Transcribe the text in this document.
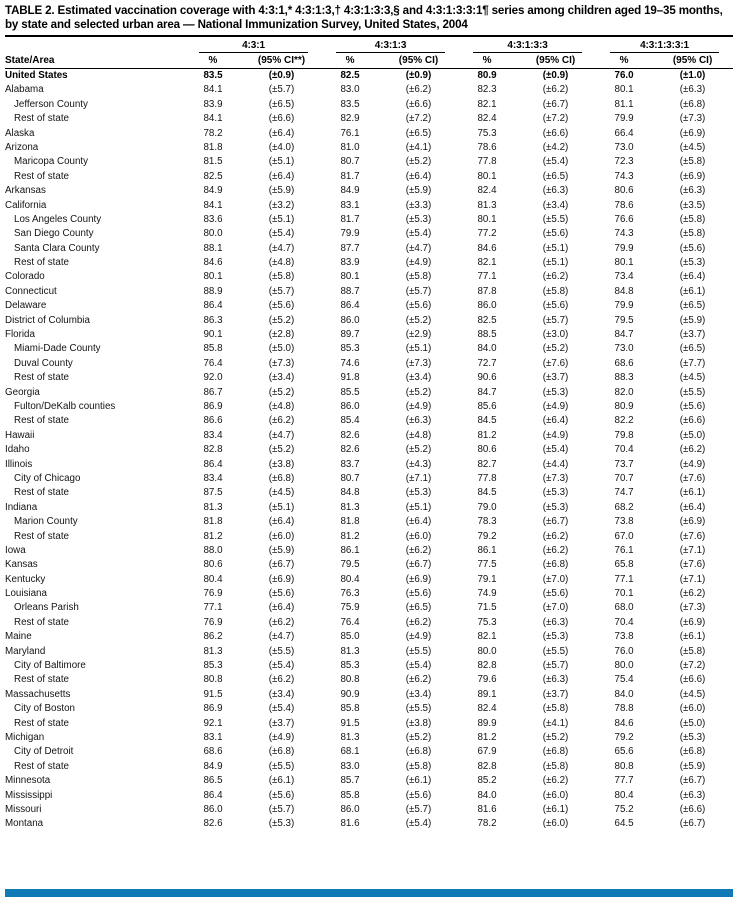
TABLE 2. Estimated vaccination coverage with 4:3:1,* 4:3:1:3,† 4:3:1:3:3,§ and 4:3:1:3:3:1¶ series among children aged 19–35 months, by state and selected urban area — National Immunization Survey, United States, 2004

	4:3:1		4:3:1:3		4:3:1:3:3		4:3:1:3:3:1	

State/Area	%	(95% CI**)	%	(95% CI)	%	(95% CI)	%	(95% CI)
United States	83.5	(±0.9)	82.5	(±0.9)	80.9	(±0.9)	76.0	(±1.0)
Alabama	84.1	(±5.7)	83.0	(±6.2)	82.3	(±6.2)	80.1	(±6.3)
Jefferson County	83.9	(±6.5)	83.5	(±6.6)	82.1	(±6.7)	81.1	(±6.8)
Rest of state	84.1	(±6.6)	82.9	(±7.2)	82.4	(±7.2)	79.9	(±7.3)
Alaska	78.2	(±6.4)	76.1	(±6.5)	75.3	(±6.6)	66.4	(±6.9)
Arizona	81.8	(±4.0)	81.0	(±4.1)	78.6	(±4.2)	73.0	(±4.5)
Maricopa County	81.5	(±5.1)	80.7	(±5.2)	77.8	(±5.4)	72.3	(±5.8)
Rest of state	82.5	(±6.4)	81.7	(±6.4)	80.1	(±6.5)	74.3	(±6.9)
Arkansas	84.9	(±5.9)	84.9	(±5.9)	82.4	(±6.3)	80.6	(±6.3)
California	84.1	(±3.2)	83.1	(±3.3)	81.3	(±3.4)	78.6	(±3.5)
Los Angeles County	83.6	(±5.1)	81.7	(±5.3)	80.1	(±5.5)	76.6	(±5.8)
San Diego County	80.0	(±5.4)	79.9	(±5.4)	77.2	(±5.6)	74.3	(±5.8)
Santa Clara County	88.1	(±4.7)	87.7	(±4.7)	84.6	(±5.1)	79.9	(±5.6)
Rest of state	84.6	(±4.8)	83.9	(±4.9)	82.1	(±5.1)	80.1	(±5.3)
Colorado	80.1	(±5.8)	80.1	(±5.8)	77.1	(±6.2)	73.4	(±6.4)
Connecticut	88.9	(±5.7)	88.7	(±5.7)	87.8	(±5.8)	84.8	(±6.1)
Delaware	86.4	(±5.6)	86.4	(±5.6)	86.0	(±5.6)	79.9	(±6.5)
District of Columbia	86.3	(±5.2)	86.0	(±5.2)	82.5	(±5.7)	79.5	(±5.9)
Florida	90.1	(±2.8)	89.7	(±2.9)	88.5	(±3.0)	84.7	(±3.7)
Miami-Dade County	85.8	(±5.0)	85.3	(±5.1)	84.0	(±5.2)	73.0	(±6.5)
Duval County	76.4	(±7.3)	74.6	(±7.3)	72.7	(±7.6)	68.6	(±7.7)
Rest of state	92.0	(±3.4)	91.8	(±3.4)	90.6	(±3.7)	88.3	(±4.5)
Georgia	86.7	(±5.2)	85.5	(±5.2)	84.7	(±5.3)	82.0	(±5.5)
Fulton/DeKalb counties	86.9	(±4.8)	86.0	(±4.9)	85.6	(±4.9)	80.9	(±5.6)
Rest of state	86.6	(±6.2)	85.4	(±6.3)	84.5	(±6.4)	82.2	(±6.6)
Hawaii	83.4	(±4.7)	82.6	(±4.8)	81.2	(±4.9)	79.8	(±5.0)
Idaho	82.8	(±5.2)	82.6	(±5.2)	80.6	(±5.4)	70.4	(±6.2)
Illinois	86.4	(±3.8)	83.7	(±4.3)	82.7	(±4.4)	73.7	(±4.9)
City of Chicago	83.4	(±6.8)	80.7	(±7.1)	77.8	(±7.3)	70.7	(±7.6)
Rest of state	87.5	(±4.5)	84.8	(±5.3)	84.5	(±5.3)	74.7	(±6.1)
Indiana	81.3	(±5.1)	81.3	(±5.1)	79.0	(±5.3)	68.2	(±6.4)
Marion County	81.8	(±6.4)	81.8	(±6.4)	78.3	(±6.7)	73.8	(±6.9)
Rest of state	81.2	(±6.0)	81.2	(±6.0)	79.2	(±6.2)	67.0	(±7.6)
Iowa	88.0	(±5.9)	86.1	(±6.2)	86.1	(±6.2)	76.1	(±7.1)
Kansas	80.6	(±6.7)	79.5	(±6.7)	77.5	(±6.8)	65.8	(±7.6)
Kentucky	80.4	(±6.9)	80.4	(±6.9)	79.1	(±7.0)	77.1	(±7.1)
Louisiana	76.9	(±5.6)	76.3	(±5.6)	74.9	(±5.6)	70.1	(±6.2)
Orleans Parish	77.1	(±6.4)	75.9	(±6.5)	71.5	(±7.0)	68.0	(±7.3)
Rest of state	76.9	(±6.2)	76.4	(±6.2)	75.3	(±6.3)	70.4	(±6.9)
Maine	86.2	(±4.7)	85.0	(±4.9)	82.1	(±5.3)	73.8	(±6.1)
Maryland	81.3	(±5.5)	81.3	(±5.5)	80.0	(±5.5)	76.0	(±5.8)
City of Baltimore	85.3	(±5.4)	85.3	(±5.4)	82.8	(±5.7)	80.0	(±7.2)
Rest of state	80.8	(±6.2)	80.8	(±6.2)	79.6	(±6.3)	75.4	(±6.6)
Massachusetts	91.5	(±3.4)	90.9	(±3.4)	89.1	(±3.7)	84.0	(±4.5)
City of Boston	86.9	(±5.4)	85.8	(±5.5)	82.4	(±5.8)	78.8	(±6.0)
Rest of state	92.1	(±3.7)	91.5	(±3.8)	89.9	(±4.1)	84.6	(±5.0)
Michigan	83.1	(±4.9)	81.3	(±5.2)	81.2	(±5.2)	79.2	(±5.3)
City of Detroit	68.6	(±6.8)	68.1	(±6.8)	67.9	(±6.8)	65.6	(±6.8)
Rest of state	84.9	(±5.5)	83.0	(±5.8)	82.8	(±5.8)	80.8	(±5.9)
Minnesota	86.5	(±6.1)	85.7	(±6.1)	85.2	(±6.2)	77.7	(±6.7)
Mississippi	86.4	(±5.6)	85.8	(±5.6)	84.0	(±6.0)	80.4	(±6.3)
Missouri	86.0	(±5.7)	86.0	(±5.7)	81.6	(±6.1)	75.2	(±6.6)
Montana	82.6	(±5.3)	81.6	(±5.4)	78.2	(±6.0)	64.5	(±6.7)
